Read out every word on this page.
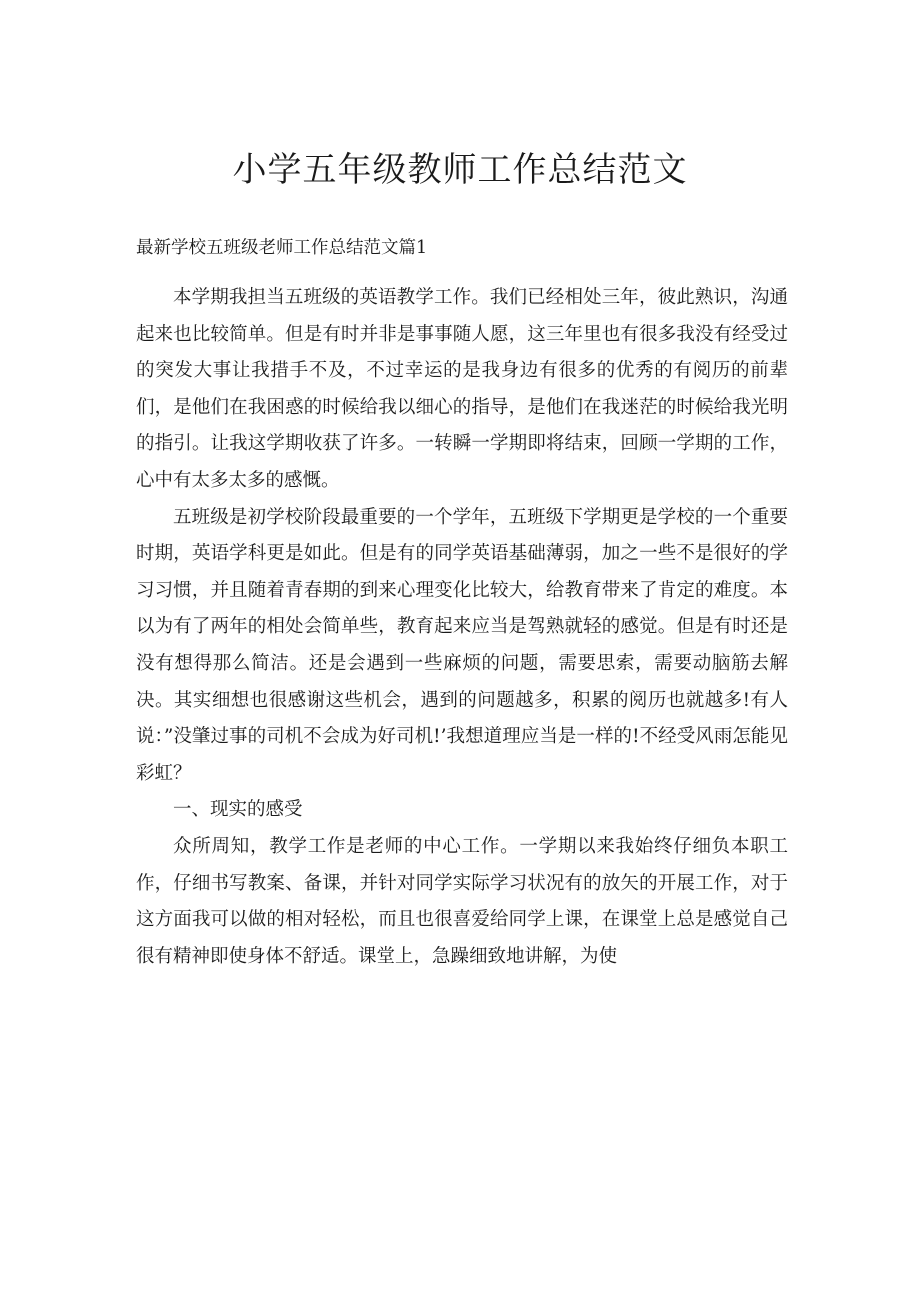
小学五年级教师工作总结范文

最新学校五班级老师工作总结范文篇1

本学期我担当五班级的英语教学工作。我们已经相处三年，彼此熟识，沟通起来也比较简单。但是有时并非是事事随人愿，这三年里也有很多我没有经受过的突发大事让我措手不及，不过幸运的是我身边有很多的优秀的有阅历的前辈们，是他们在我困惑的时候给我以细心的指导，是他们在我迷茫的时候给我光明的指引。让我这学期收获了许多。一转瞬一学期即将结束，回顾一学期的工作，心中有太多太多的感慨。

五班级是初学校阶段最重要的一个学年，五班级下学期更是学校的一个重要时期，英语学科更是如此。但是有的同学英语基础薄弱，加之一些不是很好的学习习惯，并且随着青春期的到来心理变化比较大，给教育带来了肯定的难度。本以为有了两年的相处会简单些，教育起来应当是驾熟就轻的感觉。但是有时还是没有想得那么简洁。还是会遇到一些麻烦的问题，需要思索，需要动脑筋去解决。其实细想也很感谢这些机会，遇到的问题越多，积累的阅历也就越多!有人说：”没肇过事的司机不会成为好司机!’我想道理应当是一样的!不经受风雨怎能见彩虹？

一、现实的感受

众所周知，教学工作是老师的中心工作。一学期以来我始终仔细负本职工作，仔细书写教案、备课，并针对同学实际学习状况有的放矢的开展工作，对于这方面我可以做的相对轻松，而且也很喜爱给同学上课，在课堂上总是感觉自己很有精神即使身体不舒适。课堂上，急躁细致地讲解，为使
